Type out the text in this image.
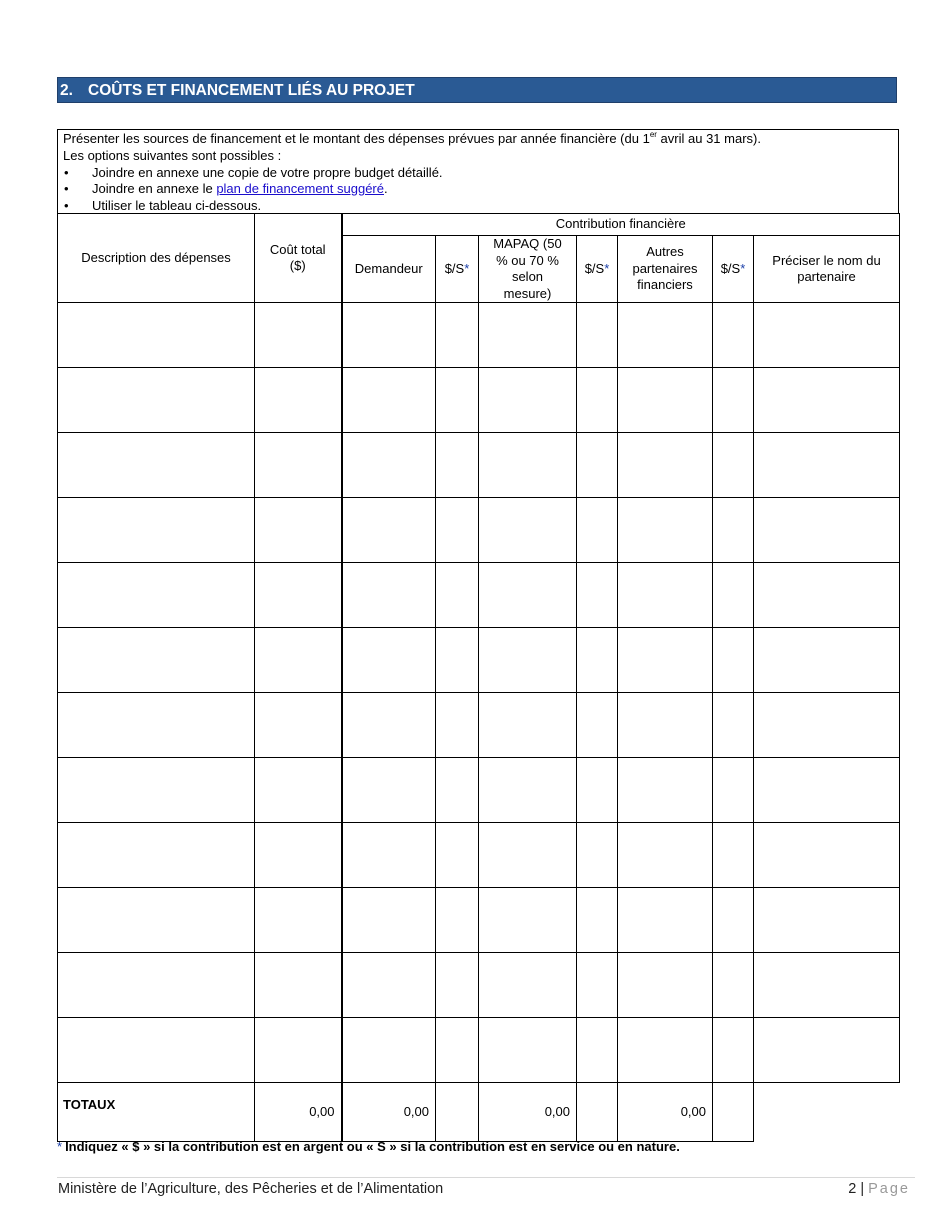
2. COÛTS ET FINANCEMENT LIÉS AU PROJET

Présenter les sources de financement et le montant des dépenses prévues par année financière (du 1er avril au 31 mars).

Les options suivantes sont possibles :

• Joindre en annexe une copie de votre propre budget détaillé.
• Joindre en annexe le plan de financement suggéré.
• Utiliser le tableau ci-dessous.
Description des dépenses	Coût total ($)	Contribution financière						
		Demandeur	$/S*	MAPAQ (50 % ou 70 % selon mesure)	$/S*	Autres partenaires financiers	$/S*	Préciser le nom du partenaire

TOTAUX	0,00	0,00		0,00		0,00		
* Indiquez « $ » si la contribution est en argent ou « S » si la contribution est en service ou en nature.
Ministère de l’Agriculture, des Pêcheries et de l’Alimentation	2 | Page
